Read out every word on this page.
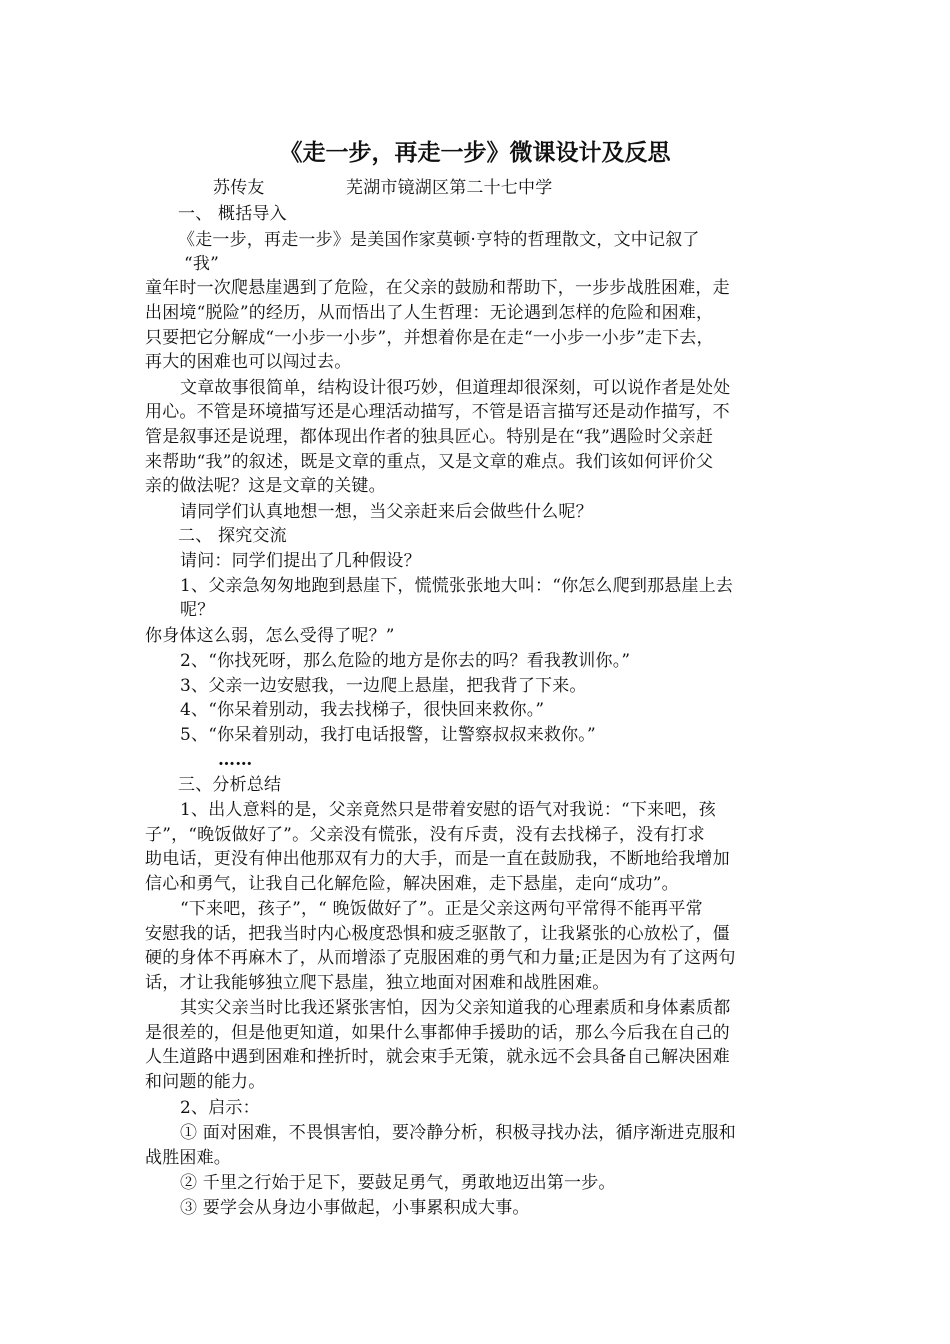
《走一步，再走一步》微课设计及反思
苏传友	芜湖市镜湖区第二十七中学
一、 概括导入
《走一步，再走一步》是美国作家莫顿·亨特的哲理散文，文中记叙了
“我”
童年时一次爬悬崖遇到了危险，在父亲的鼓励和帮助下，一步步战胜困难，走
出困境“脱险”的经历，从而悟出了人生哲理：无论遇到怎样的危险和困难，
只要把它分解成“一小步一小步”，并想着你是在走“一小步一小步”走下去，
再大的困难也可以闯过去。
文章故事很简单，结构设计很巧妙，但道理却很深刻，可以说作者是处处
用心。不管是环境描写还是心理活动描写，不管是语言描写还是动作描写，不
管是叙事还是说理，都体现出作者的独具匠心。特别是在“我”遇险时父亲赶
来帮助“我”的叙述，既是文章的重点，又是文章的难点。我们该如何评价父
亲的做法呢？这是文章的关键。
请同学们认真地想一想，当父亲赶来后会做些什么呢？
二、 探究交流
请问：同学们提出了几种假设？
1、父亲急匆匆地跑到悬崖下，慌慌张张地大叫：“你怎么爬到那悬崖上去
呢？
你身体这么弱，怎么受得了呢？”
2、“你找死呀，那么危险的地方是你去的吗？看我教训你。”
3、父亲一边安慰我，一边爬上悬崖，把我背了下来。
4、“你呆着别动，我去找梯子，很快回来救你。”
5、“你呆着别动，我打电话报警，让警察叔叔来救你。”
……
三、分析总结
1、出人意料的是，父亲竟然只是带着安慰的语气对我说：“下来吧，孩
子”，“晚饭做好了”。父亲没有慌张，没有斥责，没有去找梯子，没有打求
助电话，更没有伸出他那双有力的大手，而是一直在鼓励我，不断地给我增加
信心和勇气，让我自己化解危险，解决困难，走下悬崖，走向“成功”。
“下来吧，孩子”，“ 晚饭做好了”。正是父亲这两句平常得不能再平常
安慰我的话，把我当时内心极度恐惧和疲乏驱散了，让我紧张的心放松了，僵
硬的身体不再麻木了，从而增添了克服困难的勇气和力量;正是因为有了这两句
话，才让我能够独立爬下悬崖，独立地面对困难和战胜困难。
其实父亲当时比我还紧张害怕，因为父亲知道我的心理素质和身体素质都
是很差的，但是他更知道，如果什么事都伸手援助的话，那么今后我在自己的
人生道路中遇到困难和挫折时，就会束手无策，就永远不会具备自己解决困难
和问题的能力。
2、启示：
① 面对困难，不畏惧害怕，要冷静分析，积极寻找办法，循序渐进克服和
战胜困难。
② 千里之行始于足下，要鼓足勇气，勇敢地迈出第一步。
③ 要学会从身边小事做起，小事累积成大事。
